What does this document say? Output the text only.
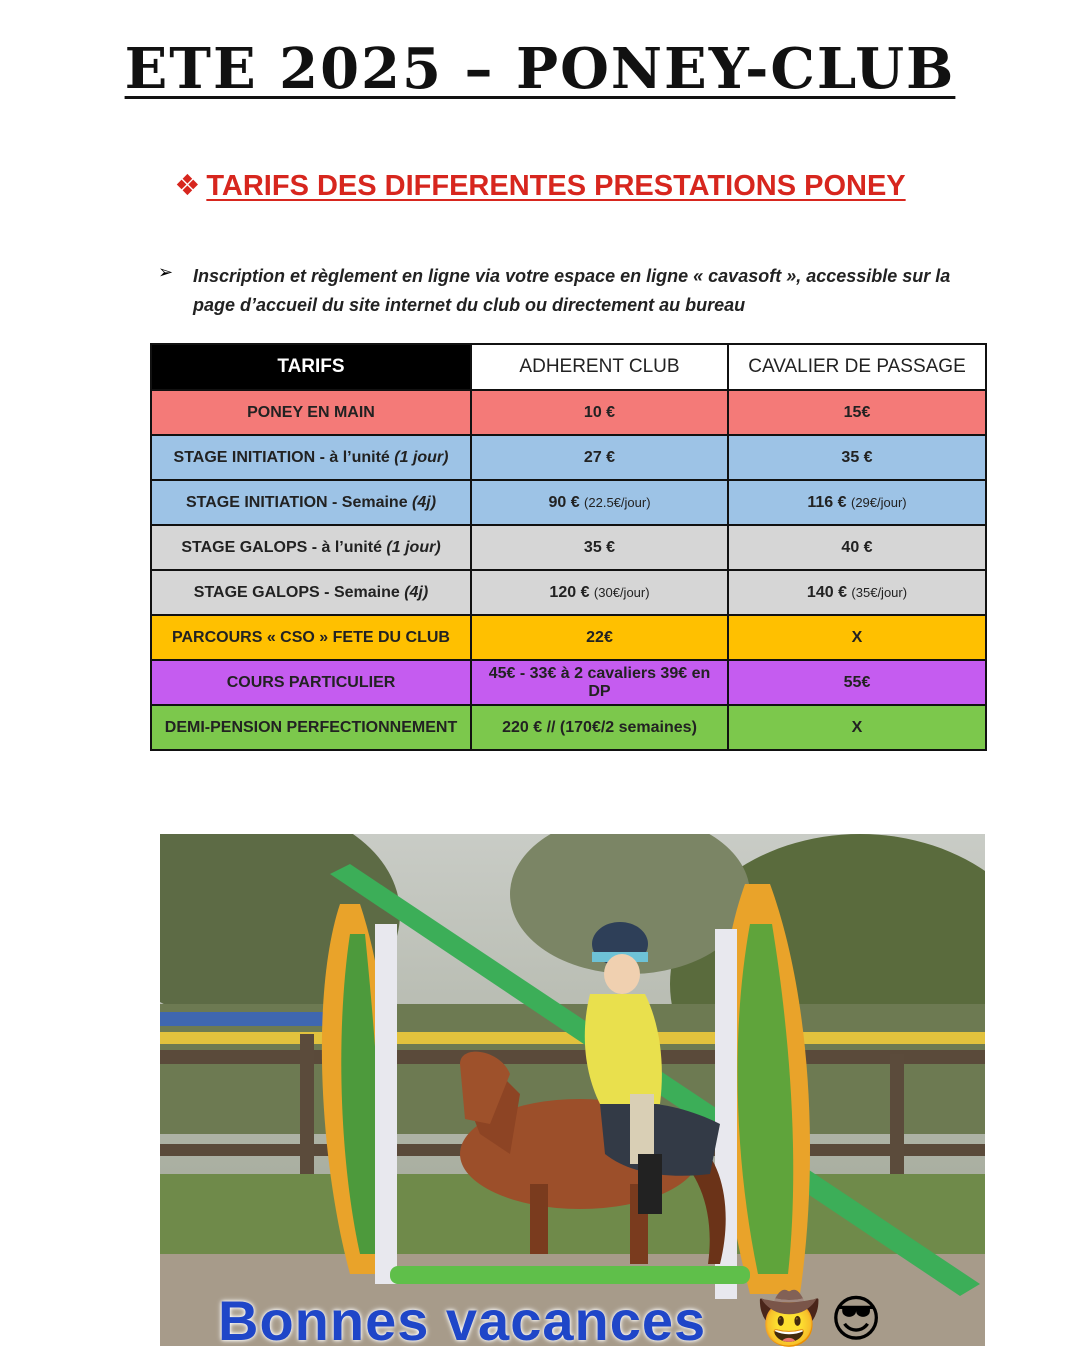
ETE 2025 – PONEY-CLUB
❖ TARIFS DES DIFFERENTES PRESTATIONS PONEY
➢ Inscription et règlement en ligne via votre espace en ligne « cavasoft », accessible sur la page d’accueil du site internet du club ou directement au bureau
TARIFS	ADHERENT CLUB	CAVALIER DE PASSAGE
PONEY EN MAIN	10 €	15€
STAGE INITIATION - à l’unité (1 jour)	27 €	35 €
STAGE INITIATION - Semaine (4j)	90 € (22.5€/jour)	116 € (29€/jour)
STAGE GALOPS - à l’unité (1 jour)	35 €	40 €
STAGE GALOPS - Semaine (4j)	120 € (30€/jour)	140 € (35€/jour)
PARCOURS « CSO » FETE DU CLUB	22€	X
COURS PARTICULIER	45€ - 33€ à 2 cavaliers 39€ en DP	55€
DEMI-PENSION PERFECTIONNEMENT	220 € // (170€/2 semaines)	X
Bonnes vacances 🤠 😎
